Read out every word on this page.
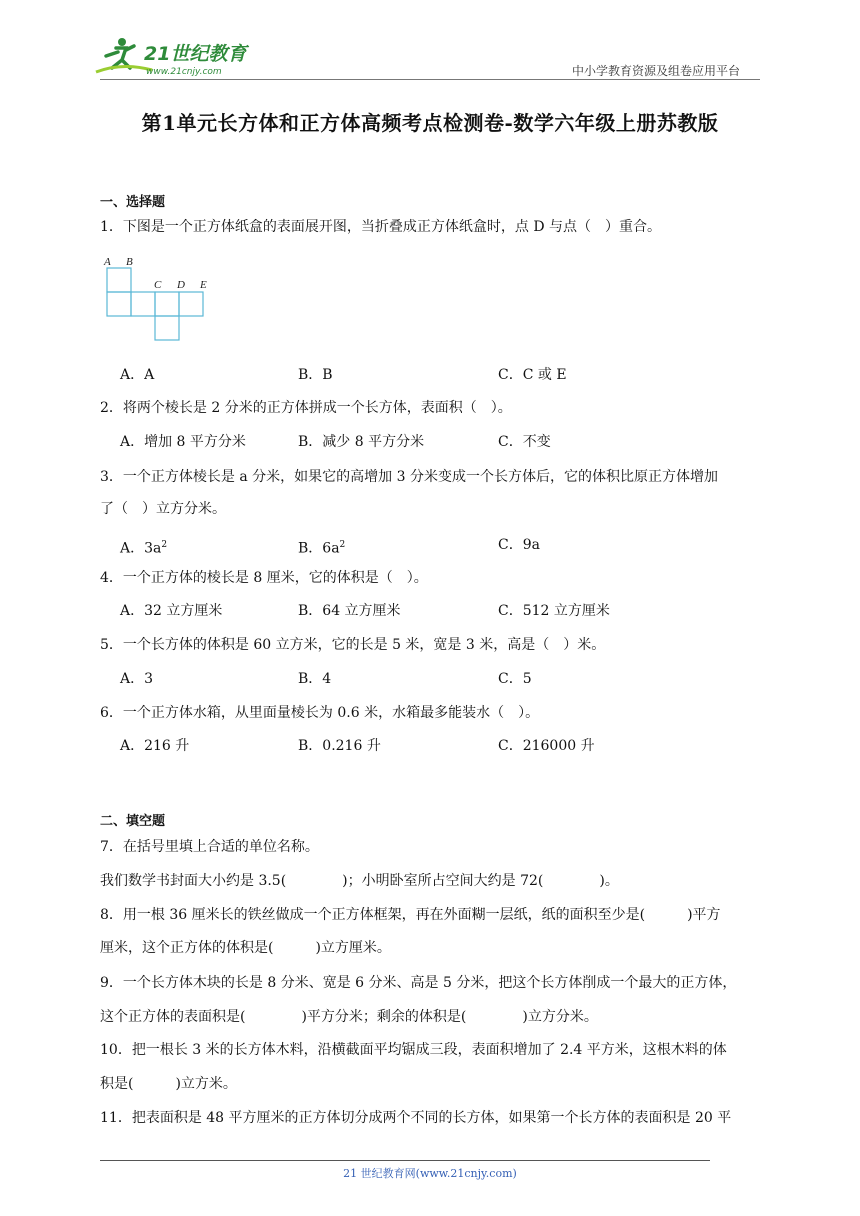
21世纪教育
www.21cnjy.com	中小学教育资源及组卷应用平台
第1单元长方体和正方体高频考点检测卷-数学六年级上册苏教版
一、选择题
1．下图是一个正方体纸盒的表面展开图，当折叠成正方体纸盒时，点 D 与点（　）重合。
A B
C D E
A．A	B．B	C．C 或 E
2．将两个棱长是 2 分米的正方体拼成一个长方体，表面积（　）。
A．增加 8 平方分米	B．减少 8 平方分米	C．不变
3．一个正方体棱长是 a 分米，如果它的高增加 3 分米变成一个长方体后，它的体积比原正方体增加
了（　）立方分米。
A．$3a^2$	B．$6a^2$	C．9a
4．一个正方体的棱长是 8 厘米，它的体积是（　）。
A．32 立方厘米	B．64 立方厘米	C．512 立方厘米
5．一个长方体的体积是 60 立方米，它的长是 5 米，宽是 3 米，高是（　）米。
A．3	B．4	C．5
6．一个正方体水箱，从里面量棱长为 0.6 米，水箱最多能装水（　）。
A．216 升	B．0.216 升	C．216000 升
二、填空题
7．在括号里填上合适的单位名称。
我们数学书封面大小约是 3.5(　　　　)；小明卧室所占空间大约是 72(　　　　)。
8．用一根 36 厘米长的铁丝做成一个正方体框架，再在外面糊一层纸，纸的面积至少是(　　　)平方
厘米，这个正方体的体积是(　　　)立方厘米。
9．一个长方体木块的长是 8 分米、宽是 6 分米、高是 5 分米，把这个长方体削成一个最大的正方体，
这个正方体的表面积是(　　　　)平方分米；剩余的体积是(　　　　)立方分米。
10．把一根长 3 米的长方体木料，沿横截面平均锯成三段，表面积增加了 2.4 平方米，这根木料的体
积是(　　　)立方米。
11．把表面积是 48 平方厘米的正方体切分成两个不同的长方体，如果第一个长方体的表面积是 20 平
21 世纪教育网(www.21cnjy.com)
